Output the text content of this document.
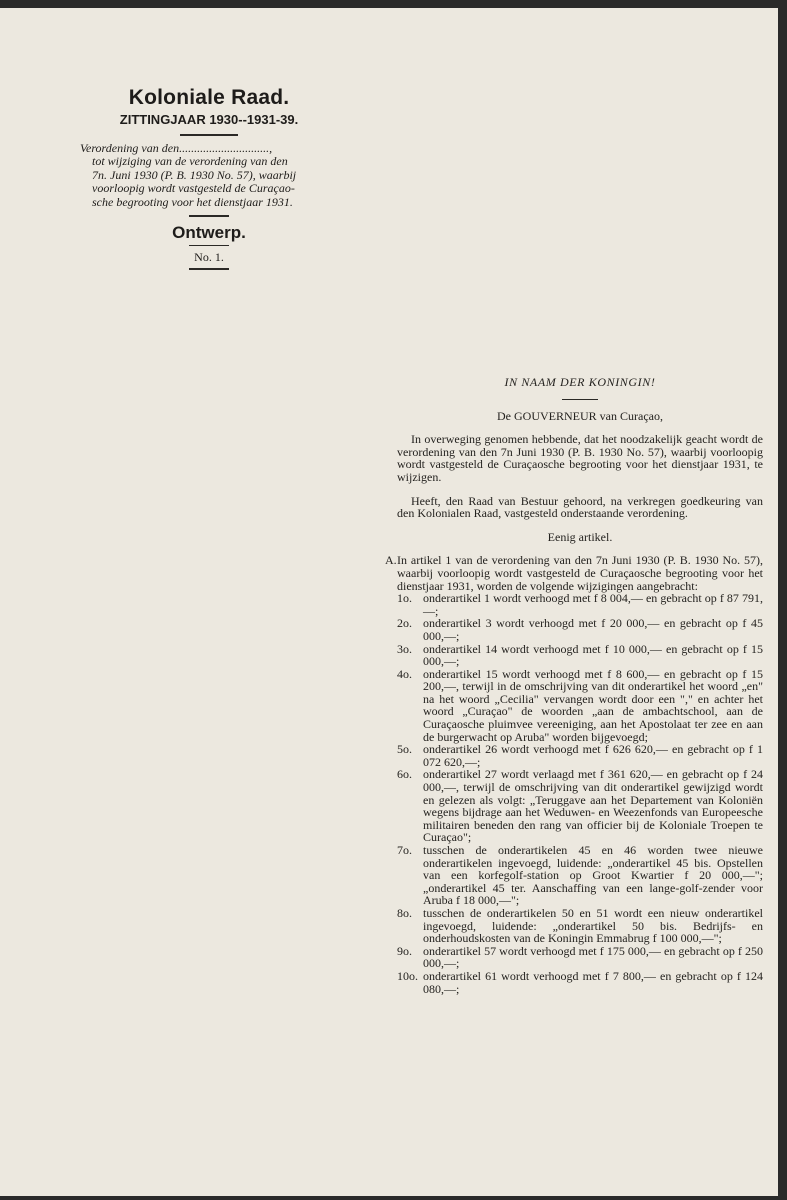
Koloniale Raad.
ZITTINGJAAR 1930--1931-39.
Verordening van den..............................,
tot wijziging van de verordening van den
7n. Juni 1930 (P. B. 1930 No. 57), waarbij
voorloopig wordt vastgesteld de Curaçao-
sche begrooting voor het dienstjaar 1931.
Ontwerp.
No. 1.

IN NAAM DER KONINGIN!

De GOUVERNEUR van Curaçao,

In overweging genomen hebbende, dat het noodzakelijk geacht wordt de verordening van den 7n Juni 1930 (P. B. 1930 No. 57), waarbij voorloopig wordt vastgesteld de Curaçaosche begrooting voor het dienstjaar 1931, te wijzigen.

Heeft, den Raad van Bestuur gehoord, na verkregen goedkeuring van den Kolonialen Raad, vastgesteld onderstaande verordening.

Eenig artikel.

A. In artikel 1 van de verordening van den 7n Juni 1930 (P. B. 1930 No. 57), waarbij voorloopig wordt vastgesteld de Curaçaosche begrooting voor het dienstjaar 1931, worden de volgende wijzigingen aangebracht:

1o. onderartikel 1 wordt verhoogd met f 8 004,— en gebracht op f 87 791,—;
2o. onderartikel 3 wordt verhoogd met f 20 000,— en gebracht op f 45 000,—;
3o. onderartikel 14 wordt verhoogd met f 10 000,— en gebracht op f 15 000,—;
4o. onderartikel 15 wordt verhoogd met f 8 600,— en gebracht op f 15 200,—, terwijl in de omschrijving van dit onderartikel het woord „en" na het woord „Cecilia" vervangen wordt door een "," en achter het woord „Curaçao" de woorden „aan de ambachtschool, aan de Curaçaosche pluimvee vereeniging, aan het Apostolaat ter zee en aan de burgerwacht op Aruba" worden bijgevoegd;
5o. onderartikel 26 wordt verhoogd met f 626 620,— en gebracht op f 1 072 620,—;
6o. onderartikel 27 wordt verlaagd met f 361 620,— en gebracht op f 24 000,—, terwijl de omschrijving van dit onderartikel gewijzigd wordt en gelezen als volgt: „Teruggave aan het Departement van Koloniën wegens bijdrage aan het Weduwen- en Weezenfonds van Europeesche militairen beneden den rang van officier bij de Koloniale Troepen te Curaçao";
7o. tusschen de onderartikelen 45 en 46 worden twee nieuwe onderartikelen ingevoegd, luidende: „onderartikel 45 bis. Opstellen van een korfegolf-station op Groot Kwartier f 20 000,—"; „onderartikel 45 ter. Aanschaffing van een lange-golf-zender voor Aruba f 18 000,—";
8o. tusschen de onderartikelen 50 en 51 wordt een nieuw onderartikel ingevoegd, luidende: „onderartikel 50 bis. Bedrijfs- en onderhoudskosten van de Koningin Emmabrug f 100 000,—";
9o. onderartikel 57 wordt verhoogd met f 175 000,— en gebracht op f 250 000,—;
10o. onderartikel 61 wordt verhoogd met f 7 800,— en gebracht op f 124 080,—;
